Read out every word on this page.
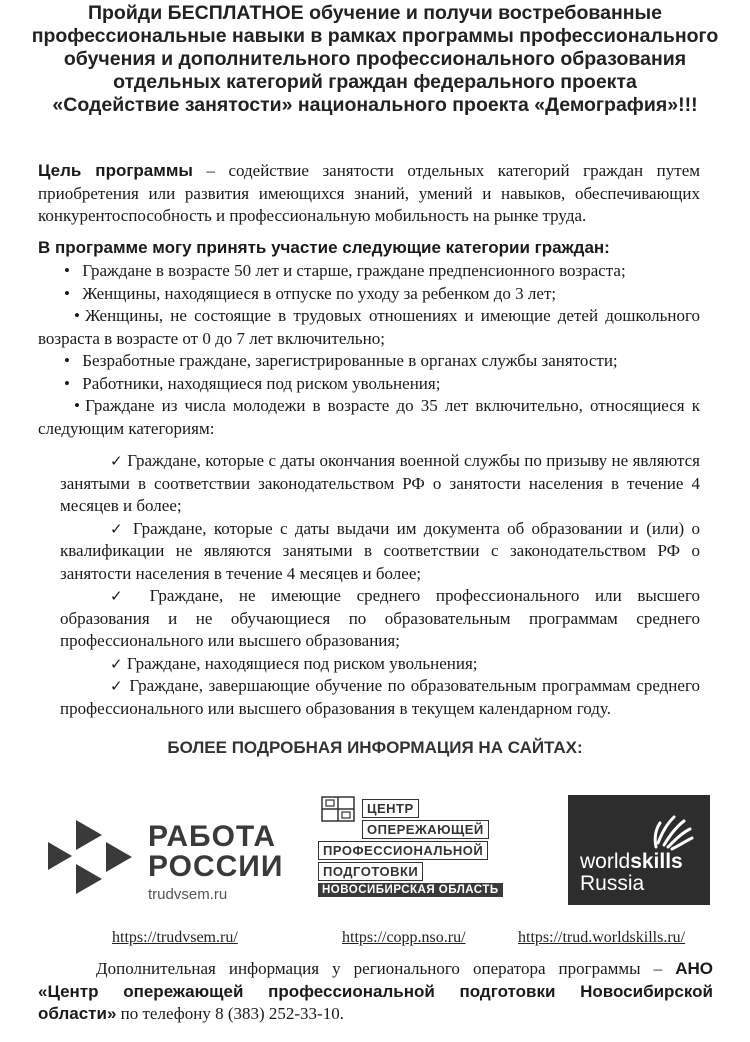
Пройди БЕСПЛАТНОЕ обучение и получи востребованные
профессиональные навыки в рамках программы профессионального
обучения и дополнительного профессионального образования
отдельных категорий граждан федерального проекта
«Содействие занятости» национального проекта «Демография»!!!
Цель программы – содействие занятости отдельных категорий граждан путем приобретения или развития имеющихся знаний, умений и навыков, обеспечивающих конкурентоспособность и профессиональную мобильность на рынке труда.
В программе могу принять участие следующие категории граждан:
• Граждане в возрасте 50 лет и старше, граждане предпенсионного возраста;
• Женщины, находящиеся в отпуске по уходу за ребенком до 3 лет;
• Женщины, не состоящие в трудовых отношениях и имеющие детей дошкольного возраста в возрасте от 0 до 7 лет включительно;
• Безработные граждане, зарегистрированные в органах службы занятости;
• Работники, находящиеся под риском увольнения;
• Граждане из числа молодежи в возрасте до 35 лет включительно, относящиеся к следующим категориям:
✓ Граждане, которые с даты окончания военной службы по призыву не являются занятыми в соответствии законодательством РФ о занятости населения в течение 4 месяцев и более;
✓ Граждане, которые с даты выдачи им документа об образовании и (или) о квалификации не являются занятыми в соответствии с законодательством РФ о занятости населения в течение 4 месяцев и более;
✓ Граждане, не имеющие среднего профессионального или высшего образования и не обучающиеся по образовательным программам среднего профессионального или высшего образования;
✓ Граждане, находящиеся под риском увольнения;
✓ Граждане, завершающие обучение по образовательным программам среднего профессионального или высшего образования в текущем календарном году.
БОЛЕЕ ПОДРОБНАЯ ИНФОРМАЦИЯ НА САЙТАХ:
РАБОТА
РОССИИ
trudvsem.ru
ЦЕНТР
ОПЕРЕЖАЮЩЕЙ
ПРОФЕССИОНАЛЬНОЙ
ПОДГОТОВКИ
НОВОСИБИРСКАЯ ОБЛАСТЬ
worldskills
Russia
https://trudvsem.ru/	https://copp.nso.ru/	https://trud.worldskills.ru/
Дополнительная информация у регионального оператора программы – АНО «Центр опережающей профессиональной подготовки Новосибирской области» по телефону 8 (383) 252-33-10.
